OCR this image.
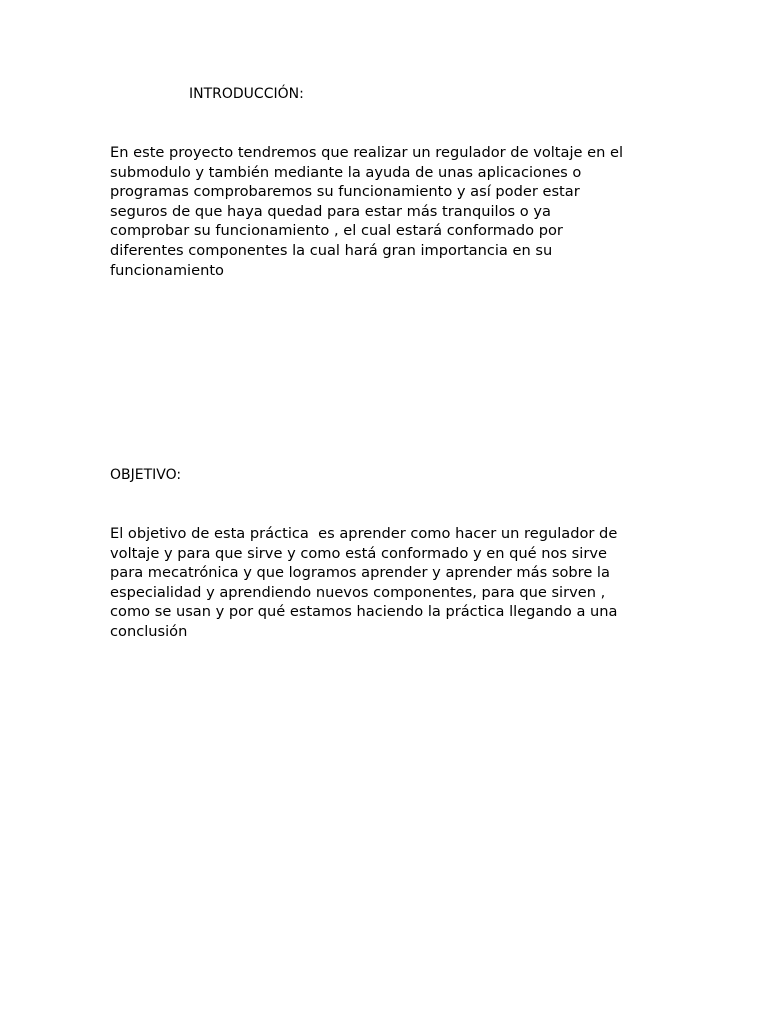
INTRODUCCIÓN:

En este proyecto tendremos que realizar un regulador de voltaje en el
submodulo y también mediante la ayuda de unas aplicaciones o
programas comprobaremos su funcionamiento y así poder estar
seguros de que haya quedad para estar más tranquilos o ya
comprobar su funcionamiento , el cual estará conformado por
diferentes componentes la cual hará gran importancia en su
funcionamiento

OBJETIVO:

El objetivo de esta práctica  es aprender como hacer un regulador de
voltaje y para que sirve y como está conformado y en qué nos sirve
para mecatrónica y que logramos aprender y aprender más sobre la
especialidad y aprendiendo nuevos componentes, para que sirven ,
como se usan y por qué estamos haciendo la práctica llegando a una
conclusión
